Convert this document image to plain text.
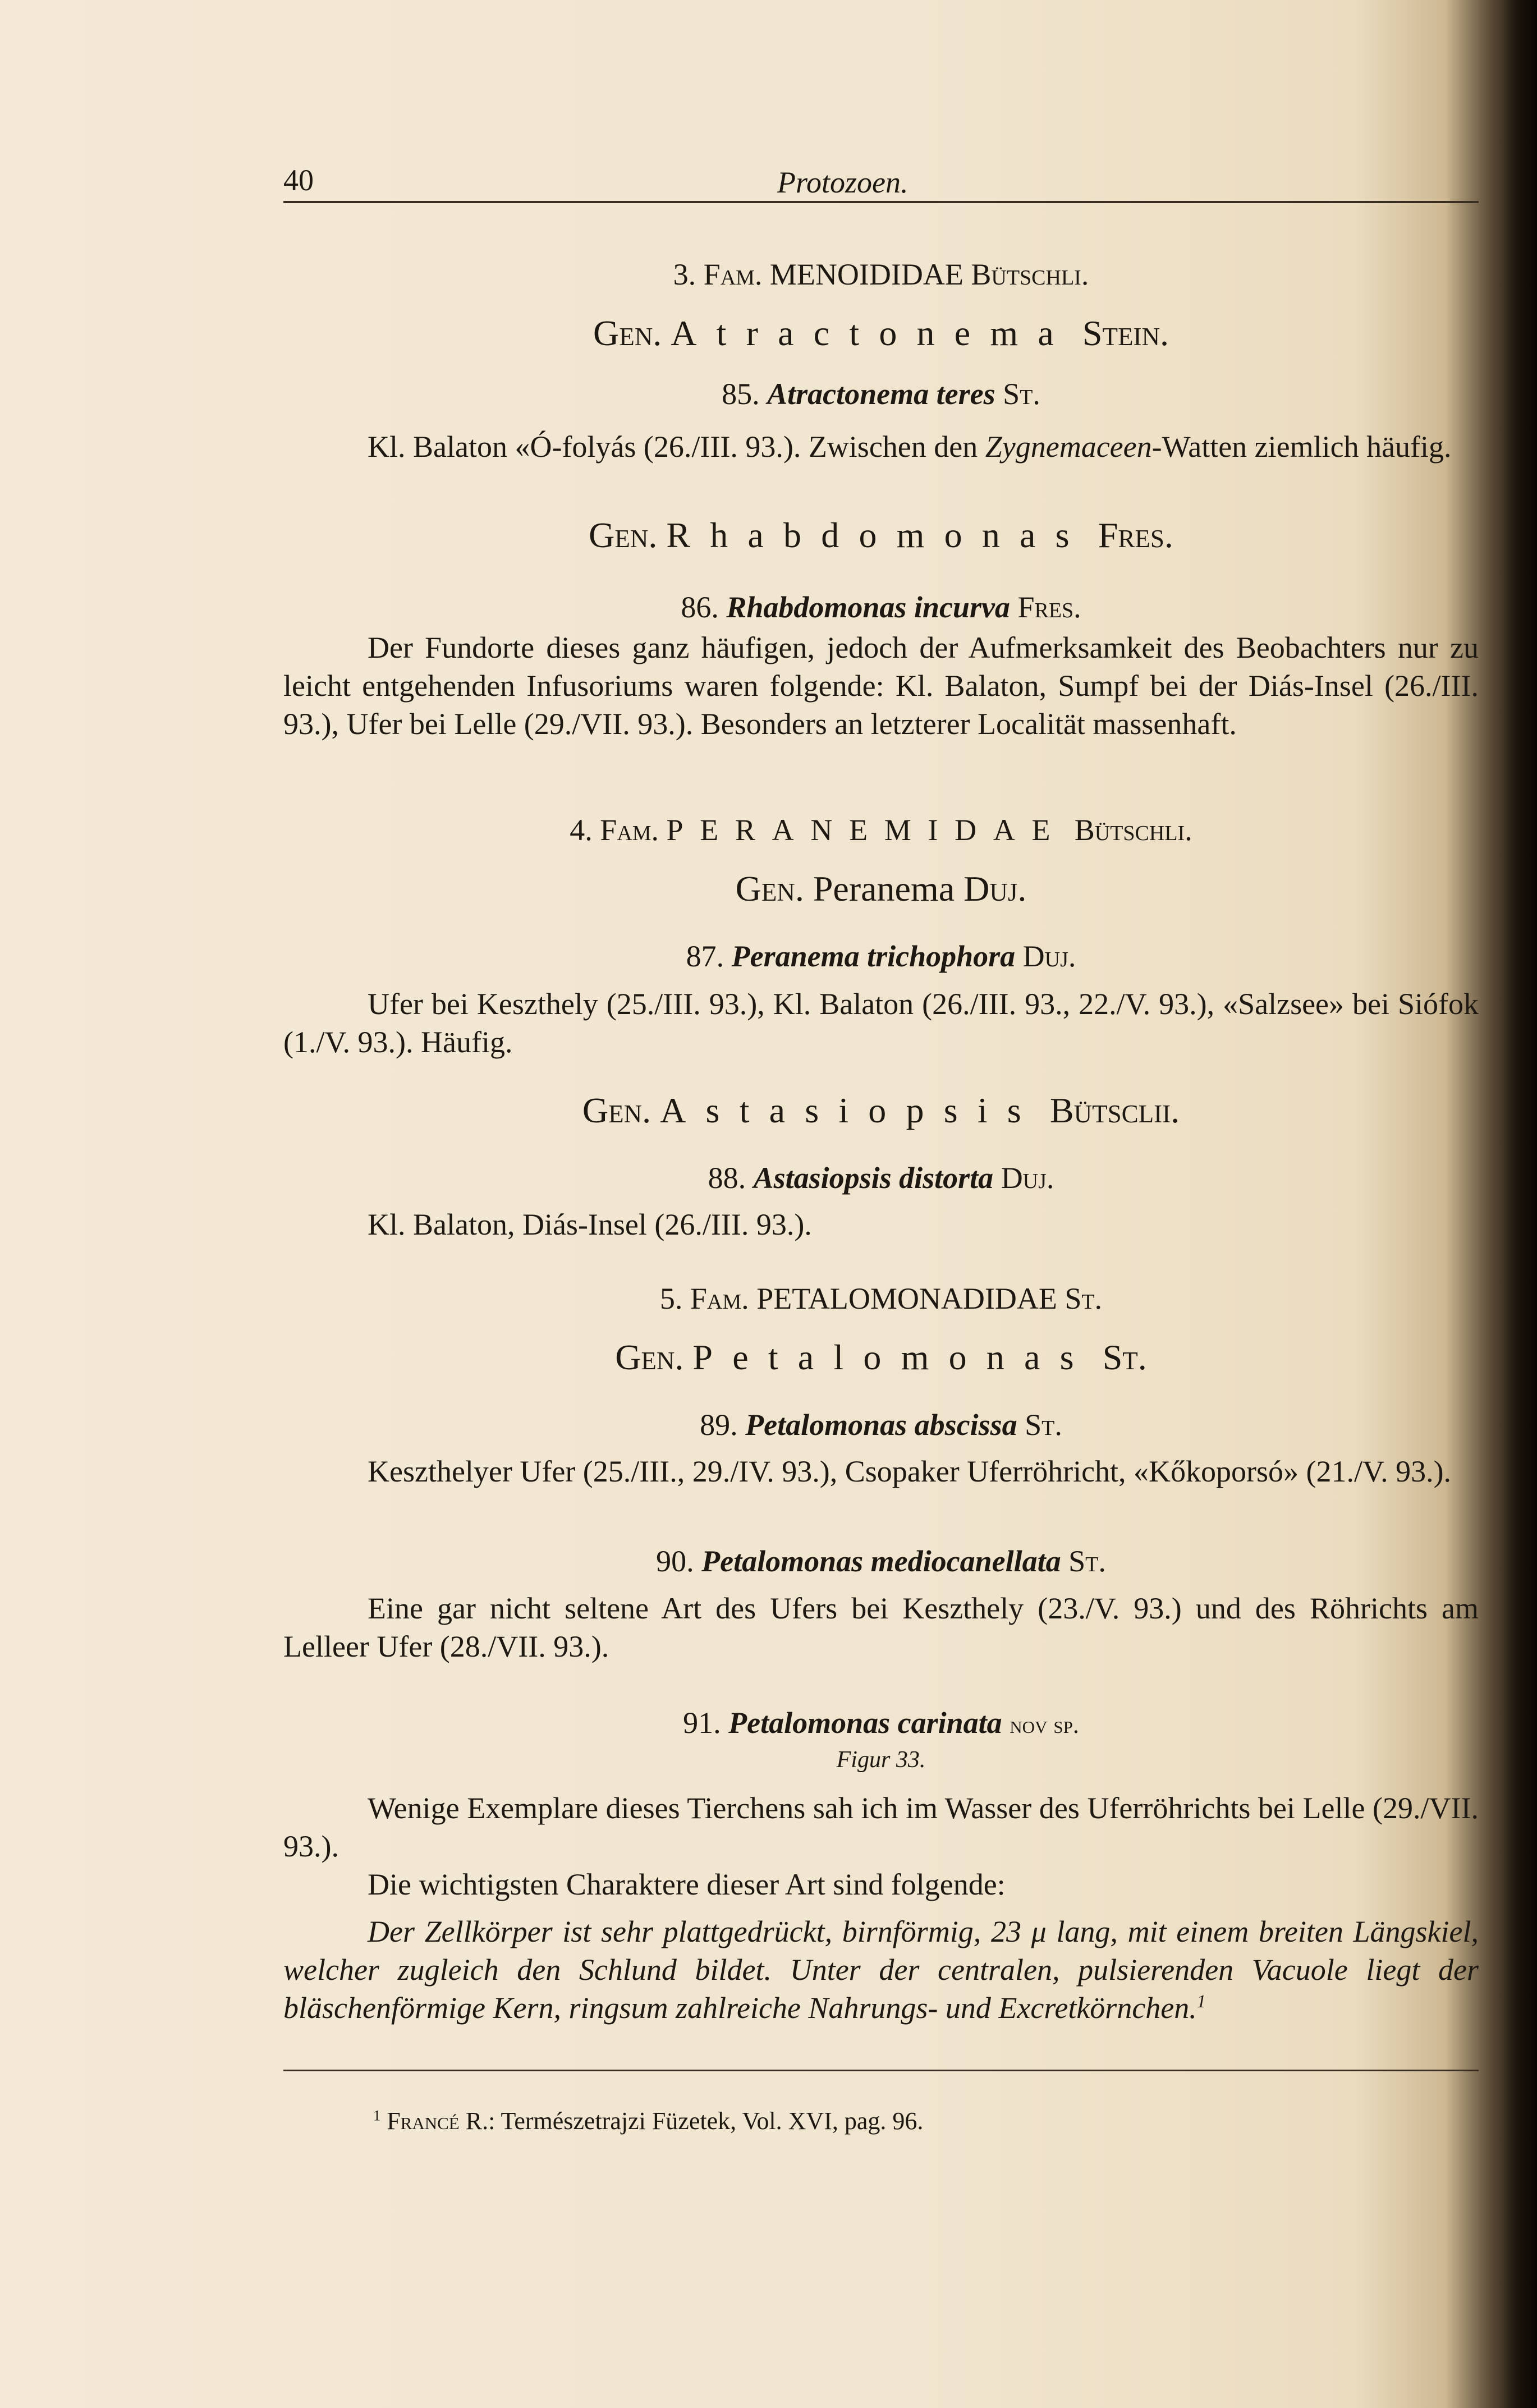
40	Protozoen.
3. Fam. MENOIDIDAE Bütschli.
Gen. Atractonema Stein.
85. Atractonema teres St.
Kl. Balaton «Ó-folyás (26./III. 93.). Zwischen den Zygnemaceen-Watten ziemlich häufig.
Gen. Rhabdomonas Fres.
86. Rhabdomonas incurva Fres.
Der Fundorte dieses ganz häufigen, jedoch der Aufmerksamkeit des Beobachters nur zu leicht entgehenden Infusoriums waren folgende: Kl. Balaton, Sumpf bei der Diás-Insel (26./III. 93.), Ufer bei Lelle (29./VII. 93.). Besonders an letzterer Localität massenhaft.
4. Fam. PERANEMIDAE Bütschli.
Gen. Peranema Duj.
87. Peranema trichophora Duj.
Ufer bei Keszthely (25./III. 93.), Kl. Balaton (26./III. 93., 22./V. 93.), «Salzsee» bei Siófok (1./V. 93.). Häufig.
Gen. Astasiopsis Bütsclii.
88. Astasiopsis distorta Duj.
Kl. Balaton, Diás-Insel (26./III. 93.).
5. Fam. PETALOMONADIDAE St.
Gen. Petalomonas St.
89. Petalomonas abscissa St.
Keszthelyer Ufer (25./III., 29./IV. 93.), Csopaker Uferröhricht, «Kőkoporsó» (21./V. 93.).
90. Petalomonas mediocanellata St.
Eine gar nicht seltene Art des Ufers bei Keszthely (23./V. 93.) und des Röhrichts am Lelleer Ufer (28./VII. 93.).
91. Petalomonas carinata nov sp.
Figur 33.
Wenige Exemplare dieses Tierchens sah ich im Wasser des Uferröhrichts bei Lelle (29./VII. 93.).
Die wichtigsten Charaktere dieser Art sind folgende:
Der Zellkörper ist sehr plattgedrückt, birnförmig, 23 μ lang, mit einem breiten Längskiel, welcher zugleich den Schlund bildet. Unter der centralen, pulsierenden Vacuole liegt der bläschenförmige Kern, ringsum zahlreiche Nahrungs- und Excretkörnchen.$^1$
$^1$ Francé R.: Természetrajzi Füzetek, Vol. XVI, pag. 96.
